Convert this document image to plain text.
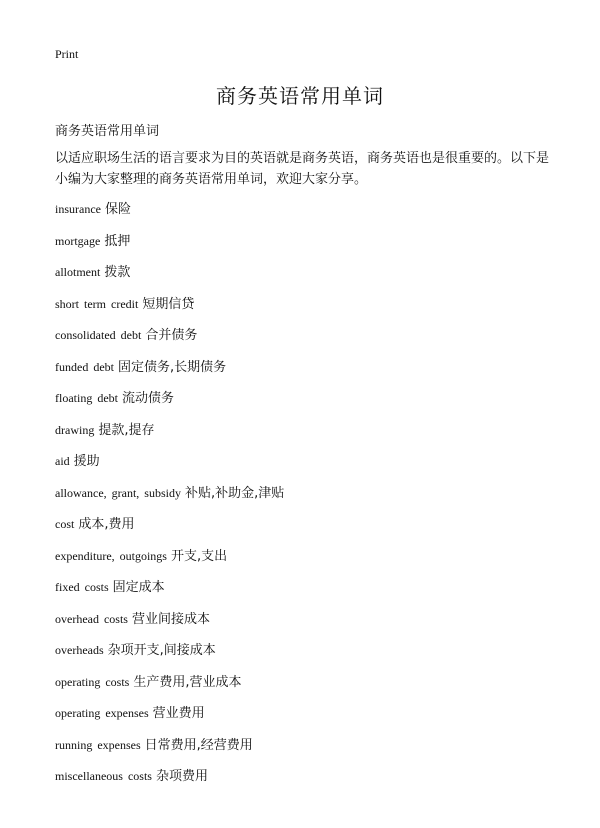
Print
商务英语常用单词
商务英语常用单词
以适应职场生活的语言要求为目的英语就是商务英语，商务英语也是很重要的。以下是小编为大家整理的商务英语常用单词，欢迎大家分享。
insurance 保险
mortgage 抵押
allotment 拨款
short term credit 短期信贷
consolidated debt 合并债务
funded debt 固定债务,长期债务
floating debt 流动债务
drawing 提款,提存
aid 援助
allowance, grant, subsidy 补贴,补助金,津贴
cost 成本,费用
expenditure, outgoings 开支,支出
fixed costs 固定成本
overhead costs 营业间接成本
overheads 杂项开支,间接成本
operating costs 生产费用,营业成本
operating expenses 营业费用
running expenses 日常费用,经营费用
miscellaneous costs 杂项费用
